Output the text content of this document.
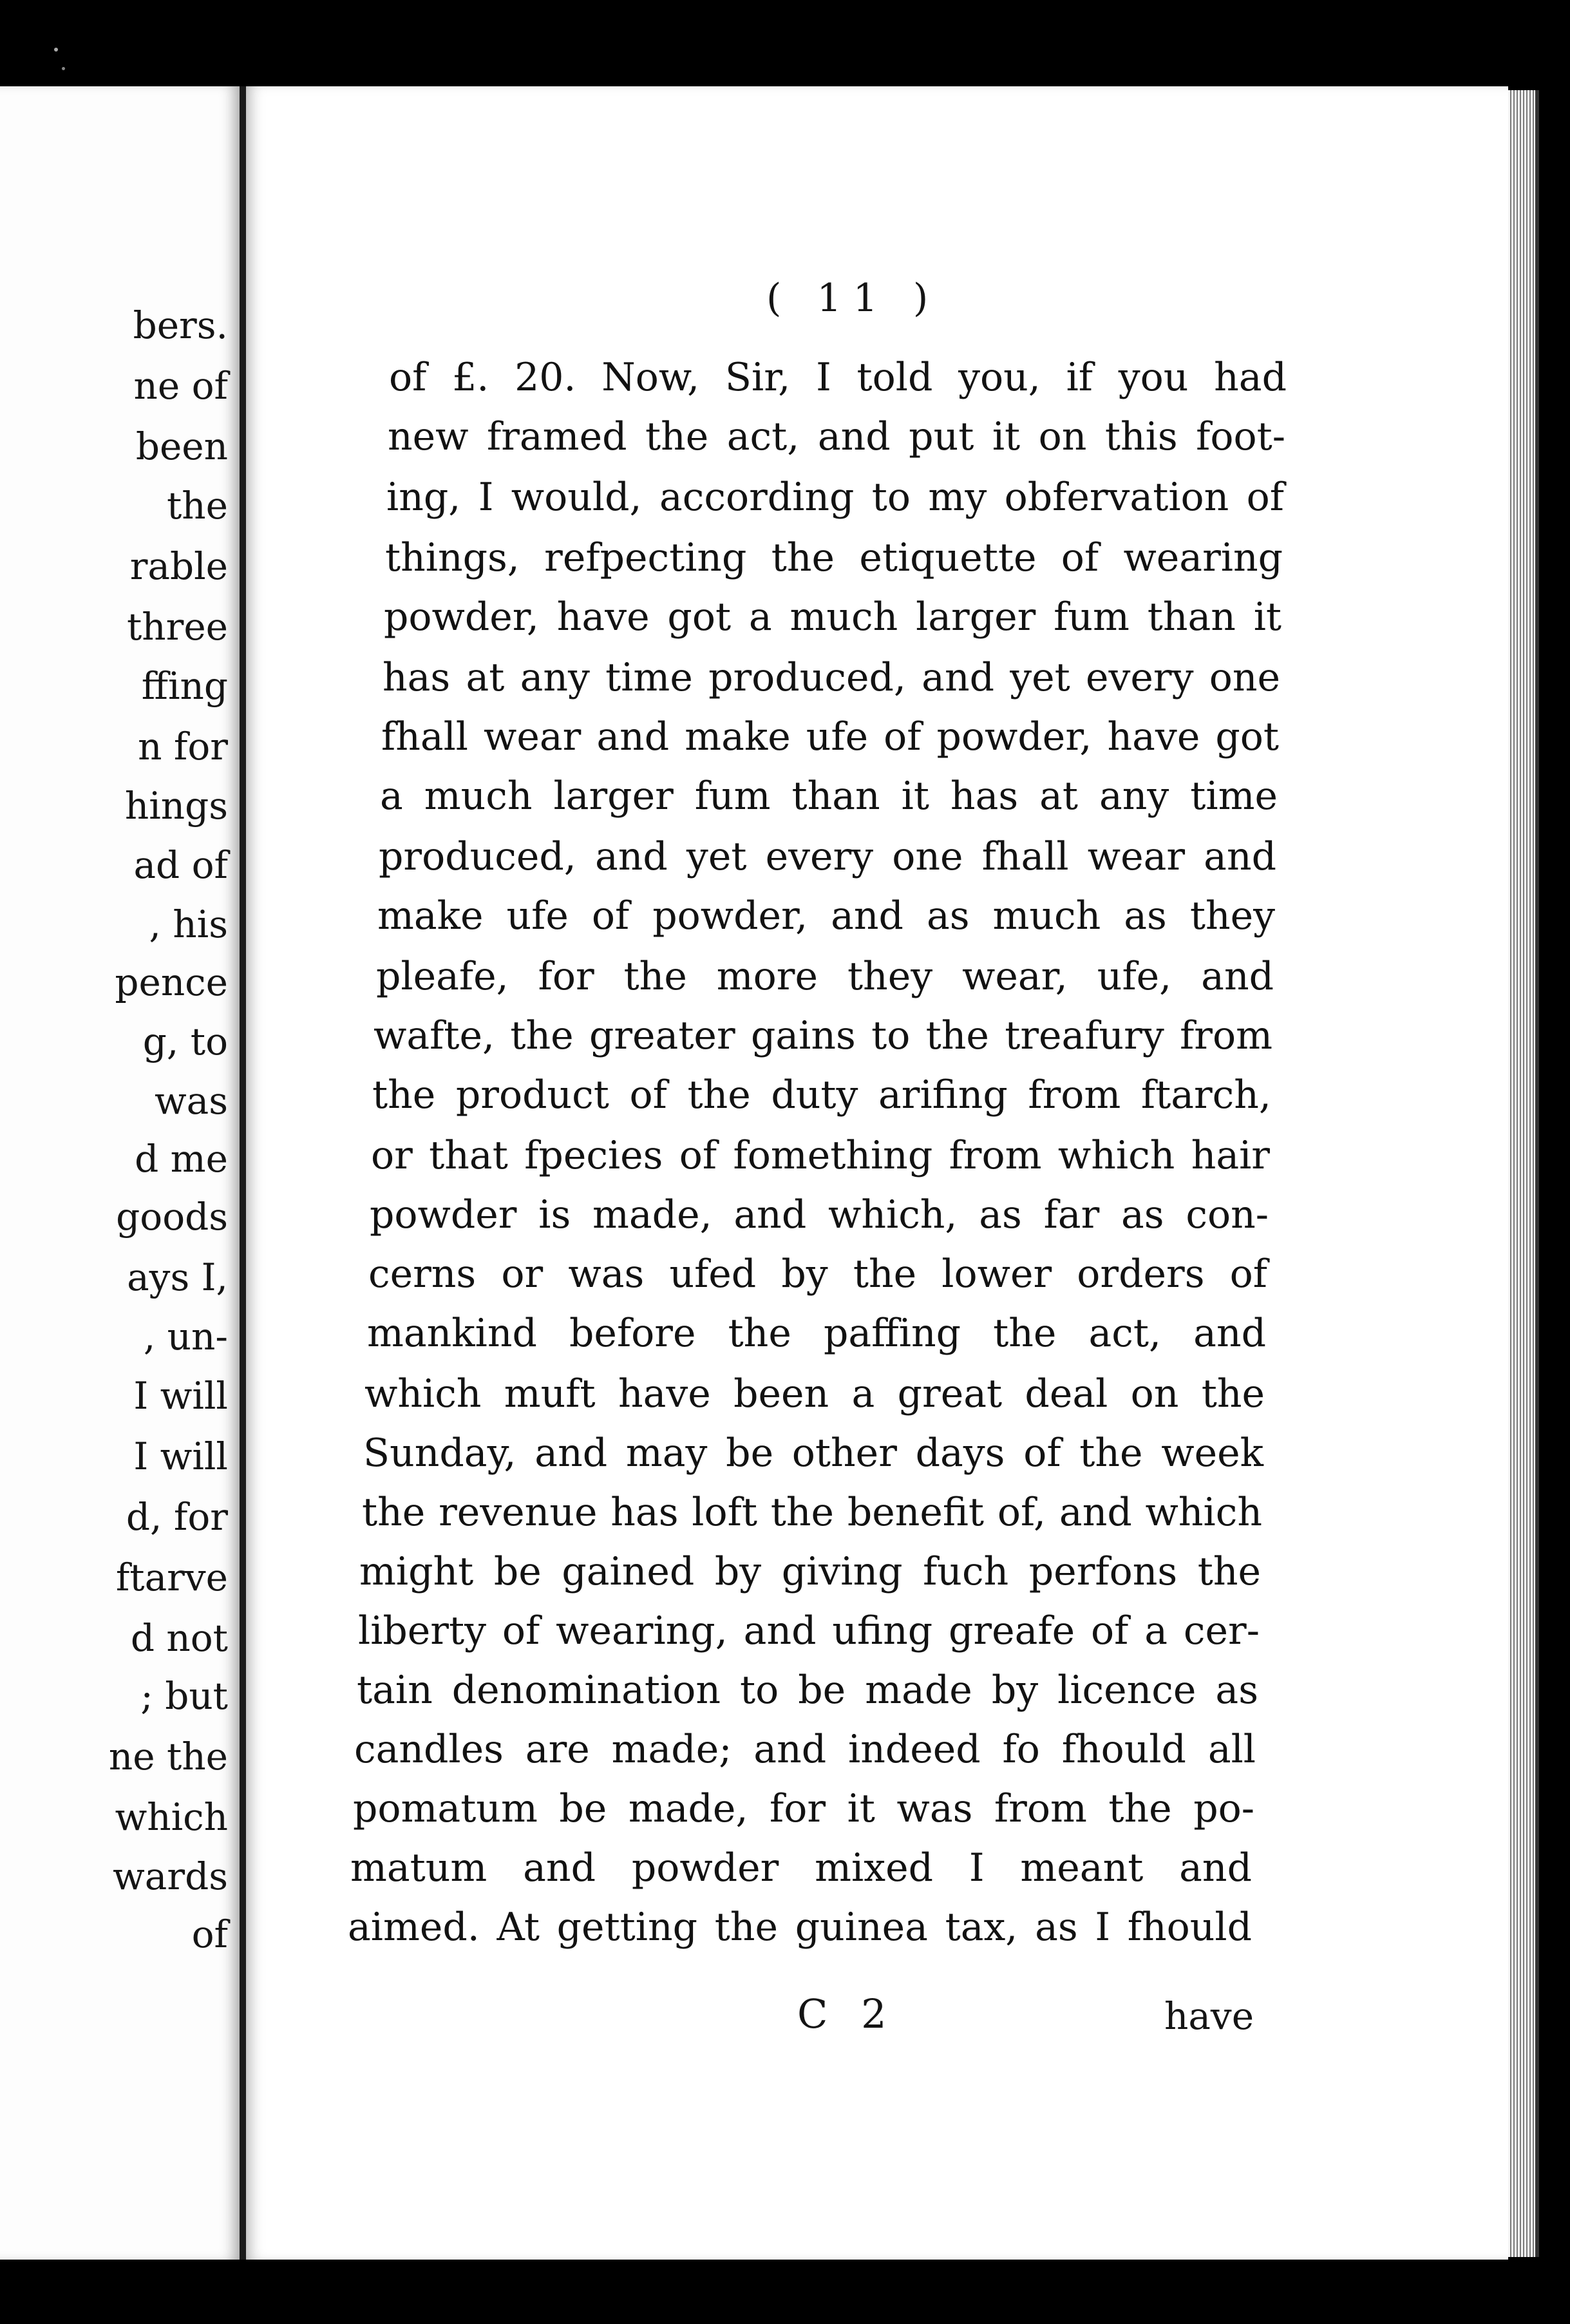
bers.
ne of
been
the
rable
three
ffing
n for
hings
ad of
, his
pence
g, to
was
d me
goods
ays I,
, un-
I will
I will
d, for
ftarve
d not
; but
ne the
which
wards
of
( 11 )
of £. 20. Now, Sir, I told you, if you had
new framed the act, and put it on this foot-
ing, I would, according to my obfervation of
things, refpecting the etiquette of wearing
powder, have got a much larger fum than it
has at any time produced, and yet every one
fhall wear and make ufe of powder, have got
a much larger fum than it has at any time
produced, and yet every one fhall wear and
make ufe of powder, and as much as they
pleafe, for the more they wear, ufe, and
wafte, the greater gains to the treafury from
the product of the duty arifing from ftarch,
or that fpecies of fomething from which hair
powder is made, and which, as far as con-
cerns or was ufed by the lower orders of
mankind before the paffing the act, and
which muft have been a great deal on the
Sunday, and may be other days of the week
the revenue has loft the benefit of, and which
might be gained by giving fuch perfons the
liberty of wearing, and ufing greafe of a cer-
tain denomination to be made by licence as
candles are made; and indeed fo fhould all
pomatum be made, for it was from the po-
matum and powder mixed I meant and
aimed. At getting the guinea tax, as I fhould
C 2	have
